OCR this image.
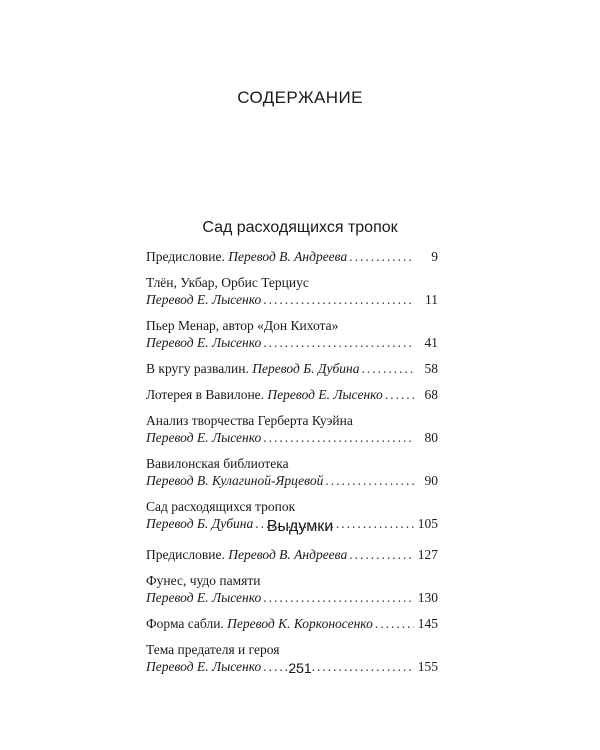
СОДЕРЖАНИЕ
Сад расходящихся тропок
Предисловие.
Перевод В. Андреева .....	9
Тлён, Укбар, Орбис Терциус
Перевод Е. Лысенко .....	11
Пьер Менар, автор «Дон Кихота»
Перевод Е. Лысенко .....	41
В кругу развалин.
Перевод Б. Дубина .....	58
Лотерея в Вавилоне.
Перевод Е. Лысенко .....	68
Анализ творчества Герберта Куэйна
Перевод Е. Лысенко .....	80
Вавилонская библиотека
Перевод В. Кулагиной-Ярцевой .....	90
Сад расходящихся тропок
Перевод Б. Дубина .....	105
Выдумки
Предисловие.
Перевод В. Андреева .....	127
Фунес, чудо памяти
Перевод Е. Лысенко .....	130
Форма сабли.
Перевод К. Корконосенко .....	145
Тема предателя и героя
Перевод Е. Лысенко .....	155
251
